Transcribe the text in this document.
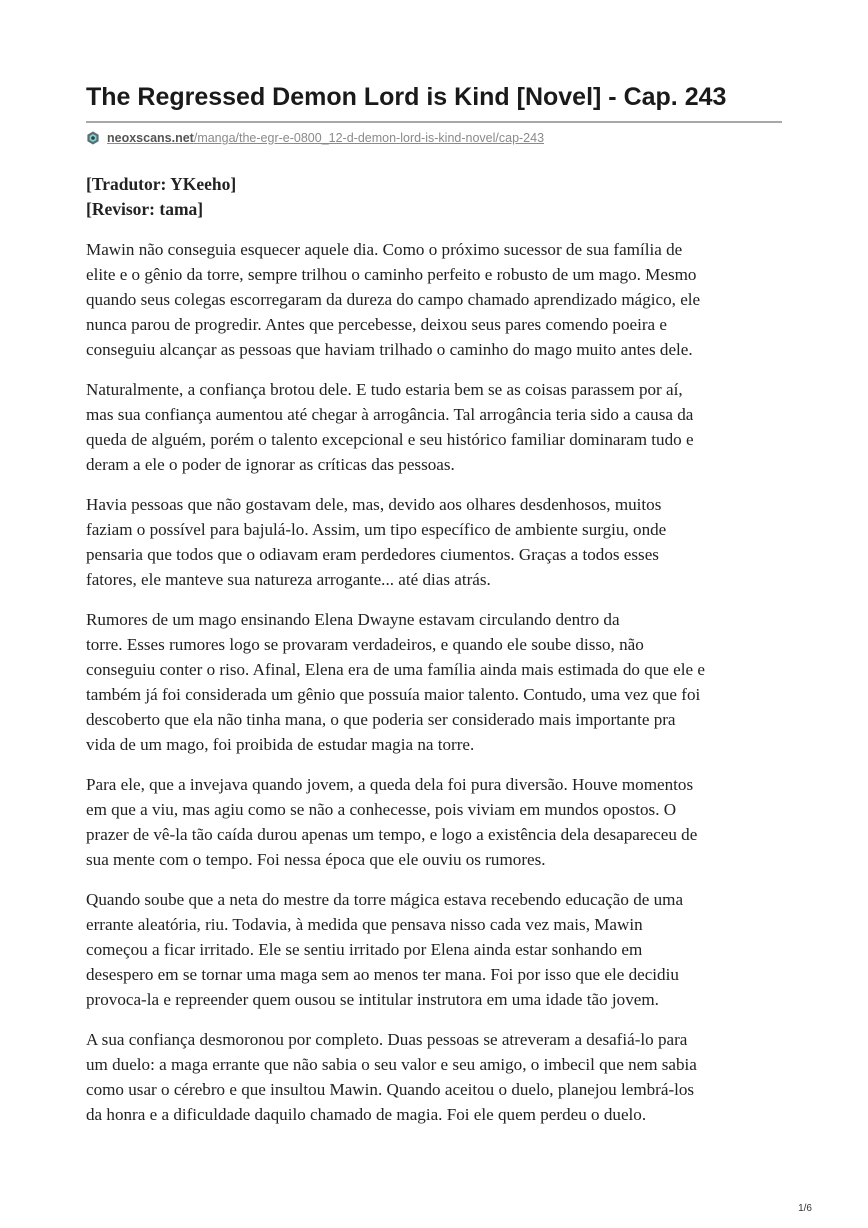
The Regressed Demon Lord is Kind [Novel] - Cap. 243
neoxscans.net/manga/the-egr-e-0800_12-d-demon-lord-is-kind-novel/cap-243
[Tradutor: YKeeho]
[Revisor: tama]

Mawin não conseguia esquecer aquele dia. Como o próximo sucessor de sua família de
elite e o gênio da torre, sempre trilhou o caminho perfeito e robusto de um mago. Mesmo
quando seus colegas escorregaram da dureza do campo chamado aprendizado mágico, ele
nunca parou de progredir. Antes que percebesse, deixou seus pares comendo poeira e
conseguiu alcançar as pessoas que haviam trilhado o caminho do mago muito antes dele.

Naturalmente, a confiança brotou dele. E tudo estaria bem se as coisas parassem por aí,
mas sua confiança aumentou até chegar à arrogância. Tal arrogância teria sido a causa da
queda de alguém, porém o talento excepcional e seu histórico familiar dominaram tudo e
deram a ele o poder de ignorar as críticas das pessoas.

Havia pessoas que não gostavam dele, mas, devido aos olhares desdenhosos, muitos
faziam o possível para bajulá-lo. Assim, um tipo específico de ambiente surgiu, onde
pensaria que todos que o odiavam eram perdedores ciumentos. Graças a todos esses
fatores, ele manteve sua natureza arrogante... até dias atrás.

Rumores de um mago ensinando Elena Dwayne estavam circulando dentro da
torre. Esses rumores logo se provaram verdadeiros, e quando ele soube disso, não
conseguiu conter o riso. Afinal, Elena era de uma família ainda mais estimada do que ele e
também já foi considerada um gênio que possuía maior talento. Contudo, uma vez que foi
descoberto que ela não tinha mana, o que poderia ser considerado mais importante pra
vida de um mago, foi proibida de estudar magia na torre.

Para ele, que a invejava quando jovem, a queda dela foi pura diversão. Houve momentos
em que a viu, mas agiu como se não a conhecesse, pois viviam em mundos opostos. O
prazer de vê-la tão caída durou apenas um tempo, e logo a existência dela desapareceu de
sua mente com o tempo. Foi nessa época que ele ouviu os rumores.

Quando soube que a neta do mestre da torre mágica estava recebendo educação de uma
errante aleatória, riu. Todavia, à medida que pensava nisso cada vez mais, Mawin
começou a ficar irritado. Ele se sentiu irritado por Elena ainda estar sonhando em
desespero em se tornar uma maga sem ao menos ter mana. Foi por isso que ele decidiu
provoca-la e repreender quem ousou se intitular instrutora em uma idade tão jovem.

A sua confiança desmoronou por completo. Duas pessoas se atreveram a desafiá-lo para
um duelo: a maga errante que não sabia o seu valor e seu amigo, o imbecil que nem sabia
como usar o cérebro e que insultou Mawin. Quando aceitou o duelo, planejou lembrá-los
da honra e a dificuldade daquilo chamado de magia. Foi ele quem perdeu o duelo.

1/6
